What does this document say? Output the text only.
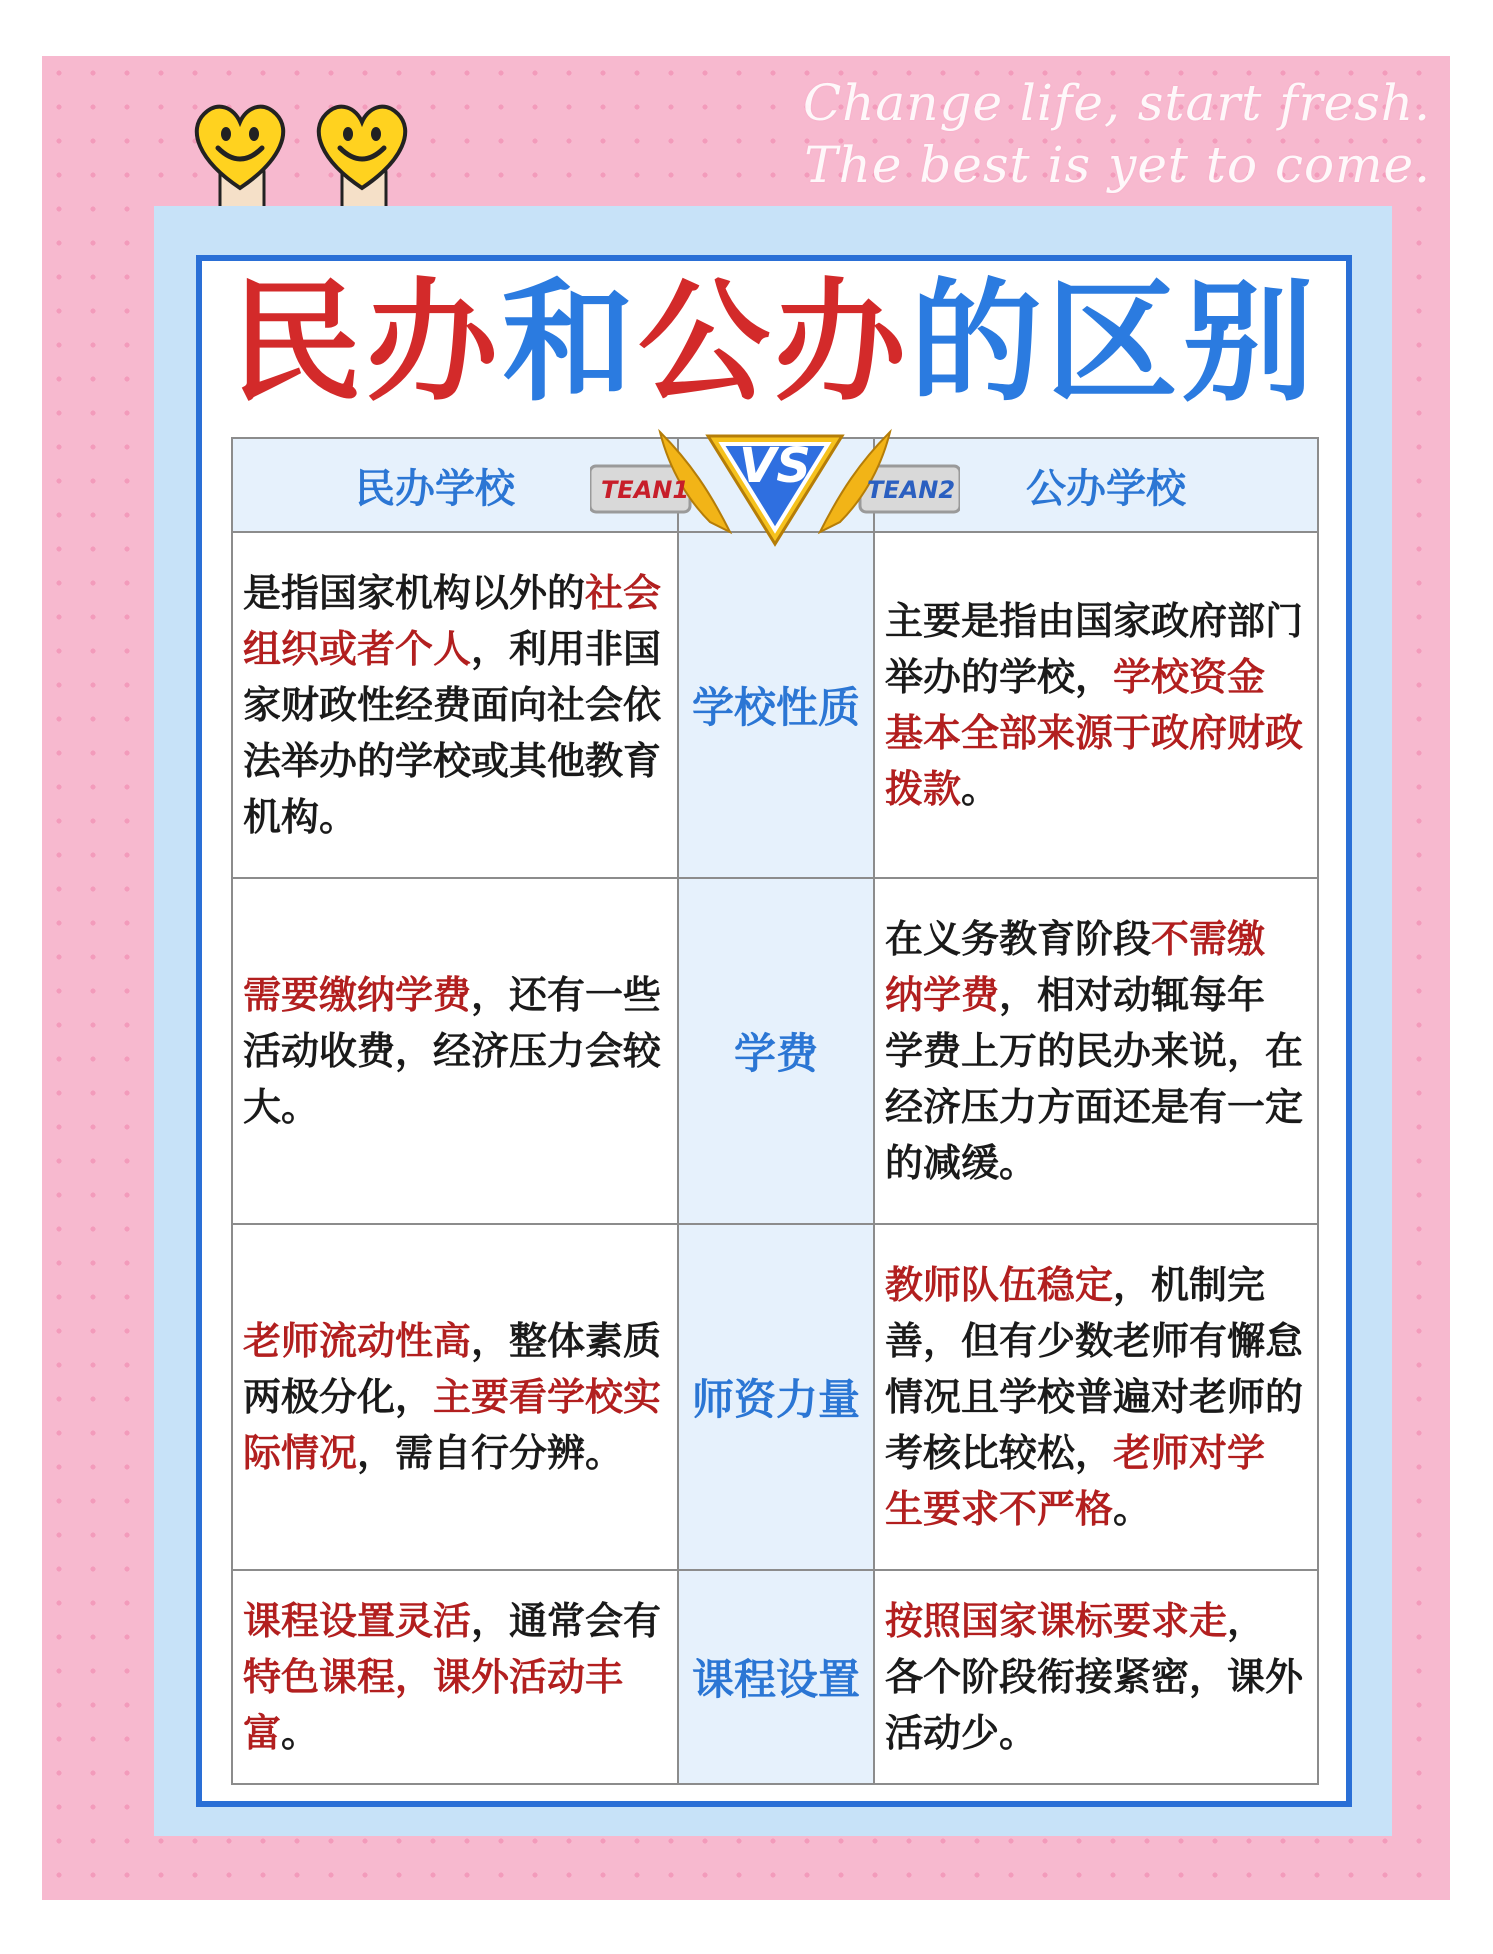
Change life, start fresh.
The best is yet to come.
民办和公办的区别
民办学校		公办学校
是指国家机构以外的社会组织或者个人，利用非国家财政性经费面向社会依法举办的学校或其他教育机构。	学校性质	主要是指由国家政府部门举办的学校，学校资金基本全部来源于政府财政拨款。
需要缴纳学费，还有一些活动收费，经济压力会较大。	学费	在义务教育阶段不需缴纳学费，相对动辄每年学费上万的民办来说，在经济压力方面还是有一定的减缓。
老师流动性高，整体素质两极分化，主要看学校实际情况，需自行分辨。	师资力量	教师队伍稳定，机制完善，但有少数老师有懈怠情况且学校普遍对老师的考核比较松，老师对学生要求不严格。
课程设置灵活，通常会有特色课程，课外活动丰富。	课程设置	按照国家课标要求走，各个阶段衔接紧密，课外活动少。
TEAN1	TEAN2
VS
